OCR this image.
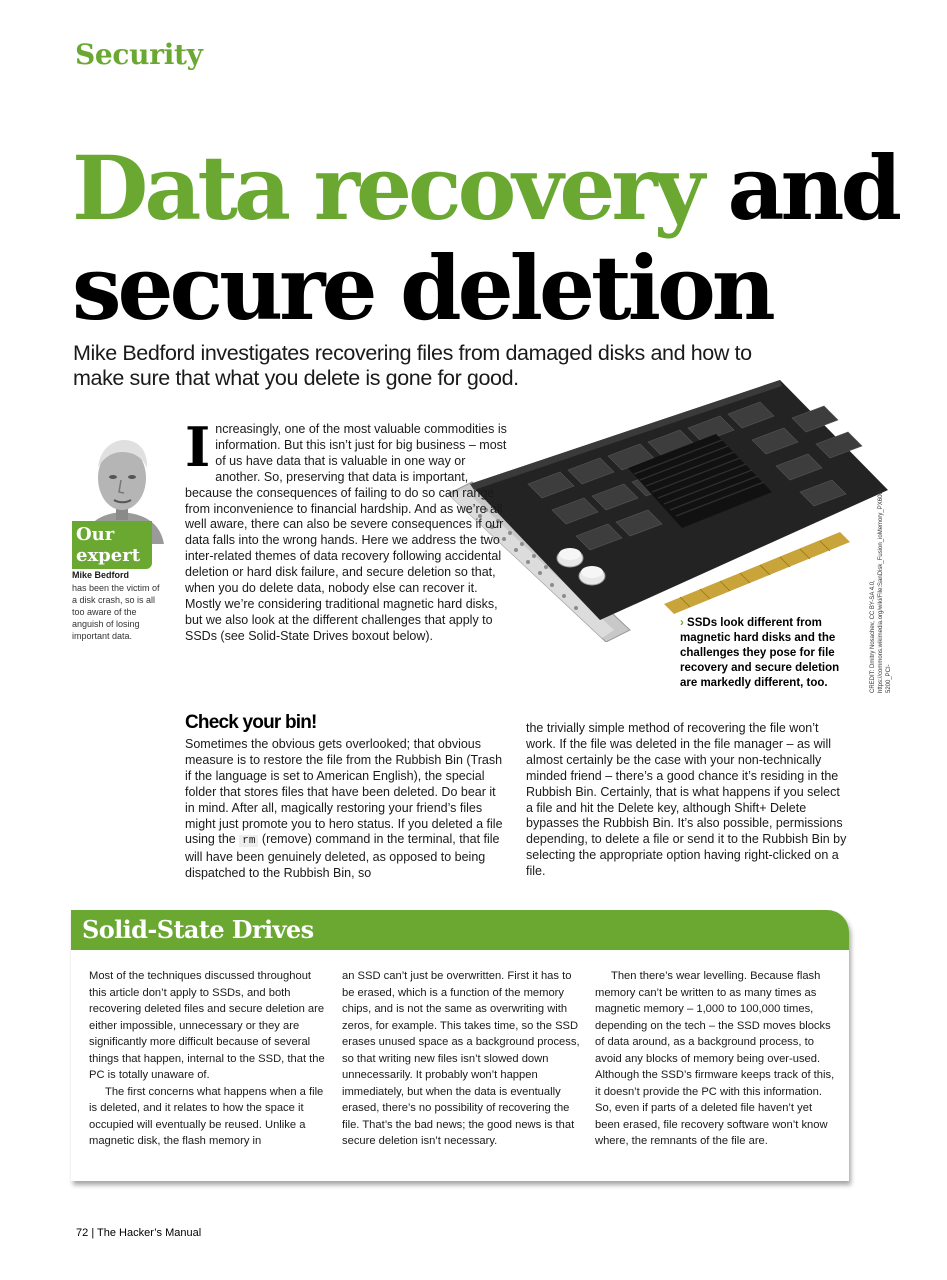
Security
Data recovery and
secure deletion

Mike Bedford investigates recovering files from damaged disks and how to make sure that what you delete is gone for good.

Our
expert
Mike Bedford
has been the victim of a disk crash, so is all too aware of the anguish of losing important data.

Increasingly, one of the most valuable commodities is information. But this isn’t just for big business – most of us have data that is valuable in one way or another. So, preserving that data is important, because the consequences of failing to do so can range from inconvenience to financial hardship. And as we’re all well aware, there can also be severe consequences if our data falls into the wrong hands. Here we address the two inter-related themes of data recovery following accidental deletion or hard disk failure, and secure deletion so that, when you do delete data, nobody else can recover it. Mostly we’re considering traditional magnetic hard disks, but we also look at the different challenges that apply to SSDs (see Solid-State Drives boxout below).

› SSDs look different from magnetic hard disks and the challenges they pose for file recovery and secure deletion are markedly different, too.	CREDIT: Dmitry Nosachev, CC BY-SA 4.0, https://commons.wikimedia.org/wiki/File:SanDisk_Fusion_ioMemory_PX600-5200_PCI-
Check your bin!

Sometimes the obvious gets overlooked; that obvious measure is to restore the file from the Rubbish Bin (Trash if the language is set to American English), the special folder that stores files that have been deleted. Do bear it in mind. After all, magically restoring your friend’s files might just promote you to hero status. If you deleted a file using the rm (remove) command in the terminal, that file will have been genuinely deleted, as opposed to being dispatched to the Rubbish Bin, so

the trivially simple method of recovering the file won’t work. If the file was deleted in the file manager – as will almost certainly be the case with your non-technically minded friend – there’s a good chance it’s residing in the Rubbish Bin. Certainly, that is what happens if you select a file and hit the Delete key, although Shift+ Delete bypasses the Rubbish Bin. It’s also possible, permissions depending, to delete a file or send it to the Rubbish Bin by selecting the appropriate option having right-clicked on a file.

Solid-State Drives

Most of the techniques discussed throughout this article don’t apply to SSDs, and both recovering deleted files and secure deletion are either impossible, unnecessary or they are significantly more difficult because of several things that happen, internal to the SSD, that the PC is totally unaware of.

The first concerns what happens when a file is deleted, and it relates to how the space it occupied will eventually be reused. Unlike a magnetic disk, the flash memory in

an SSD can’t just be overwritten. First it has to be erased, which is a function of the memory chips, and is not the same as overwriting with zeros, for example. This takes time, so the SSD erases unused space as a background process, so that writing new files isn’t slowed down unnecessarily. It probably won’t happen immediately, but when the data is eventually erased, there’s no possibility of recovering the file. That’s the bad news; the good news is that secure deletion isn’t necessary.

Then there’s wear levelling. Because flash memory can’t be written to as many times as magnetic memory – 1,000 to 100,000 times, depending on the tech – the SSD moves blocks of data around, as a background process, to avoid any blocks of memory being over-used. Although the SSD’s firmware keeps track of this, it doesn’t provide the PC with this information. So, even if parts of a deleted file haven’t yet been erased, file recovery software won’t know where, the remnants of the file are.

72 | The Hacker’s Manual
